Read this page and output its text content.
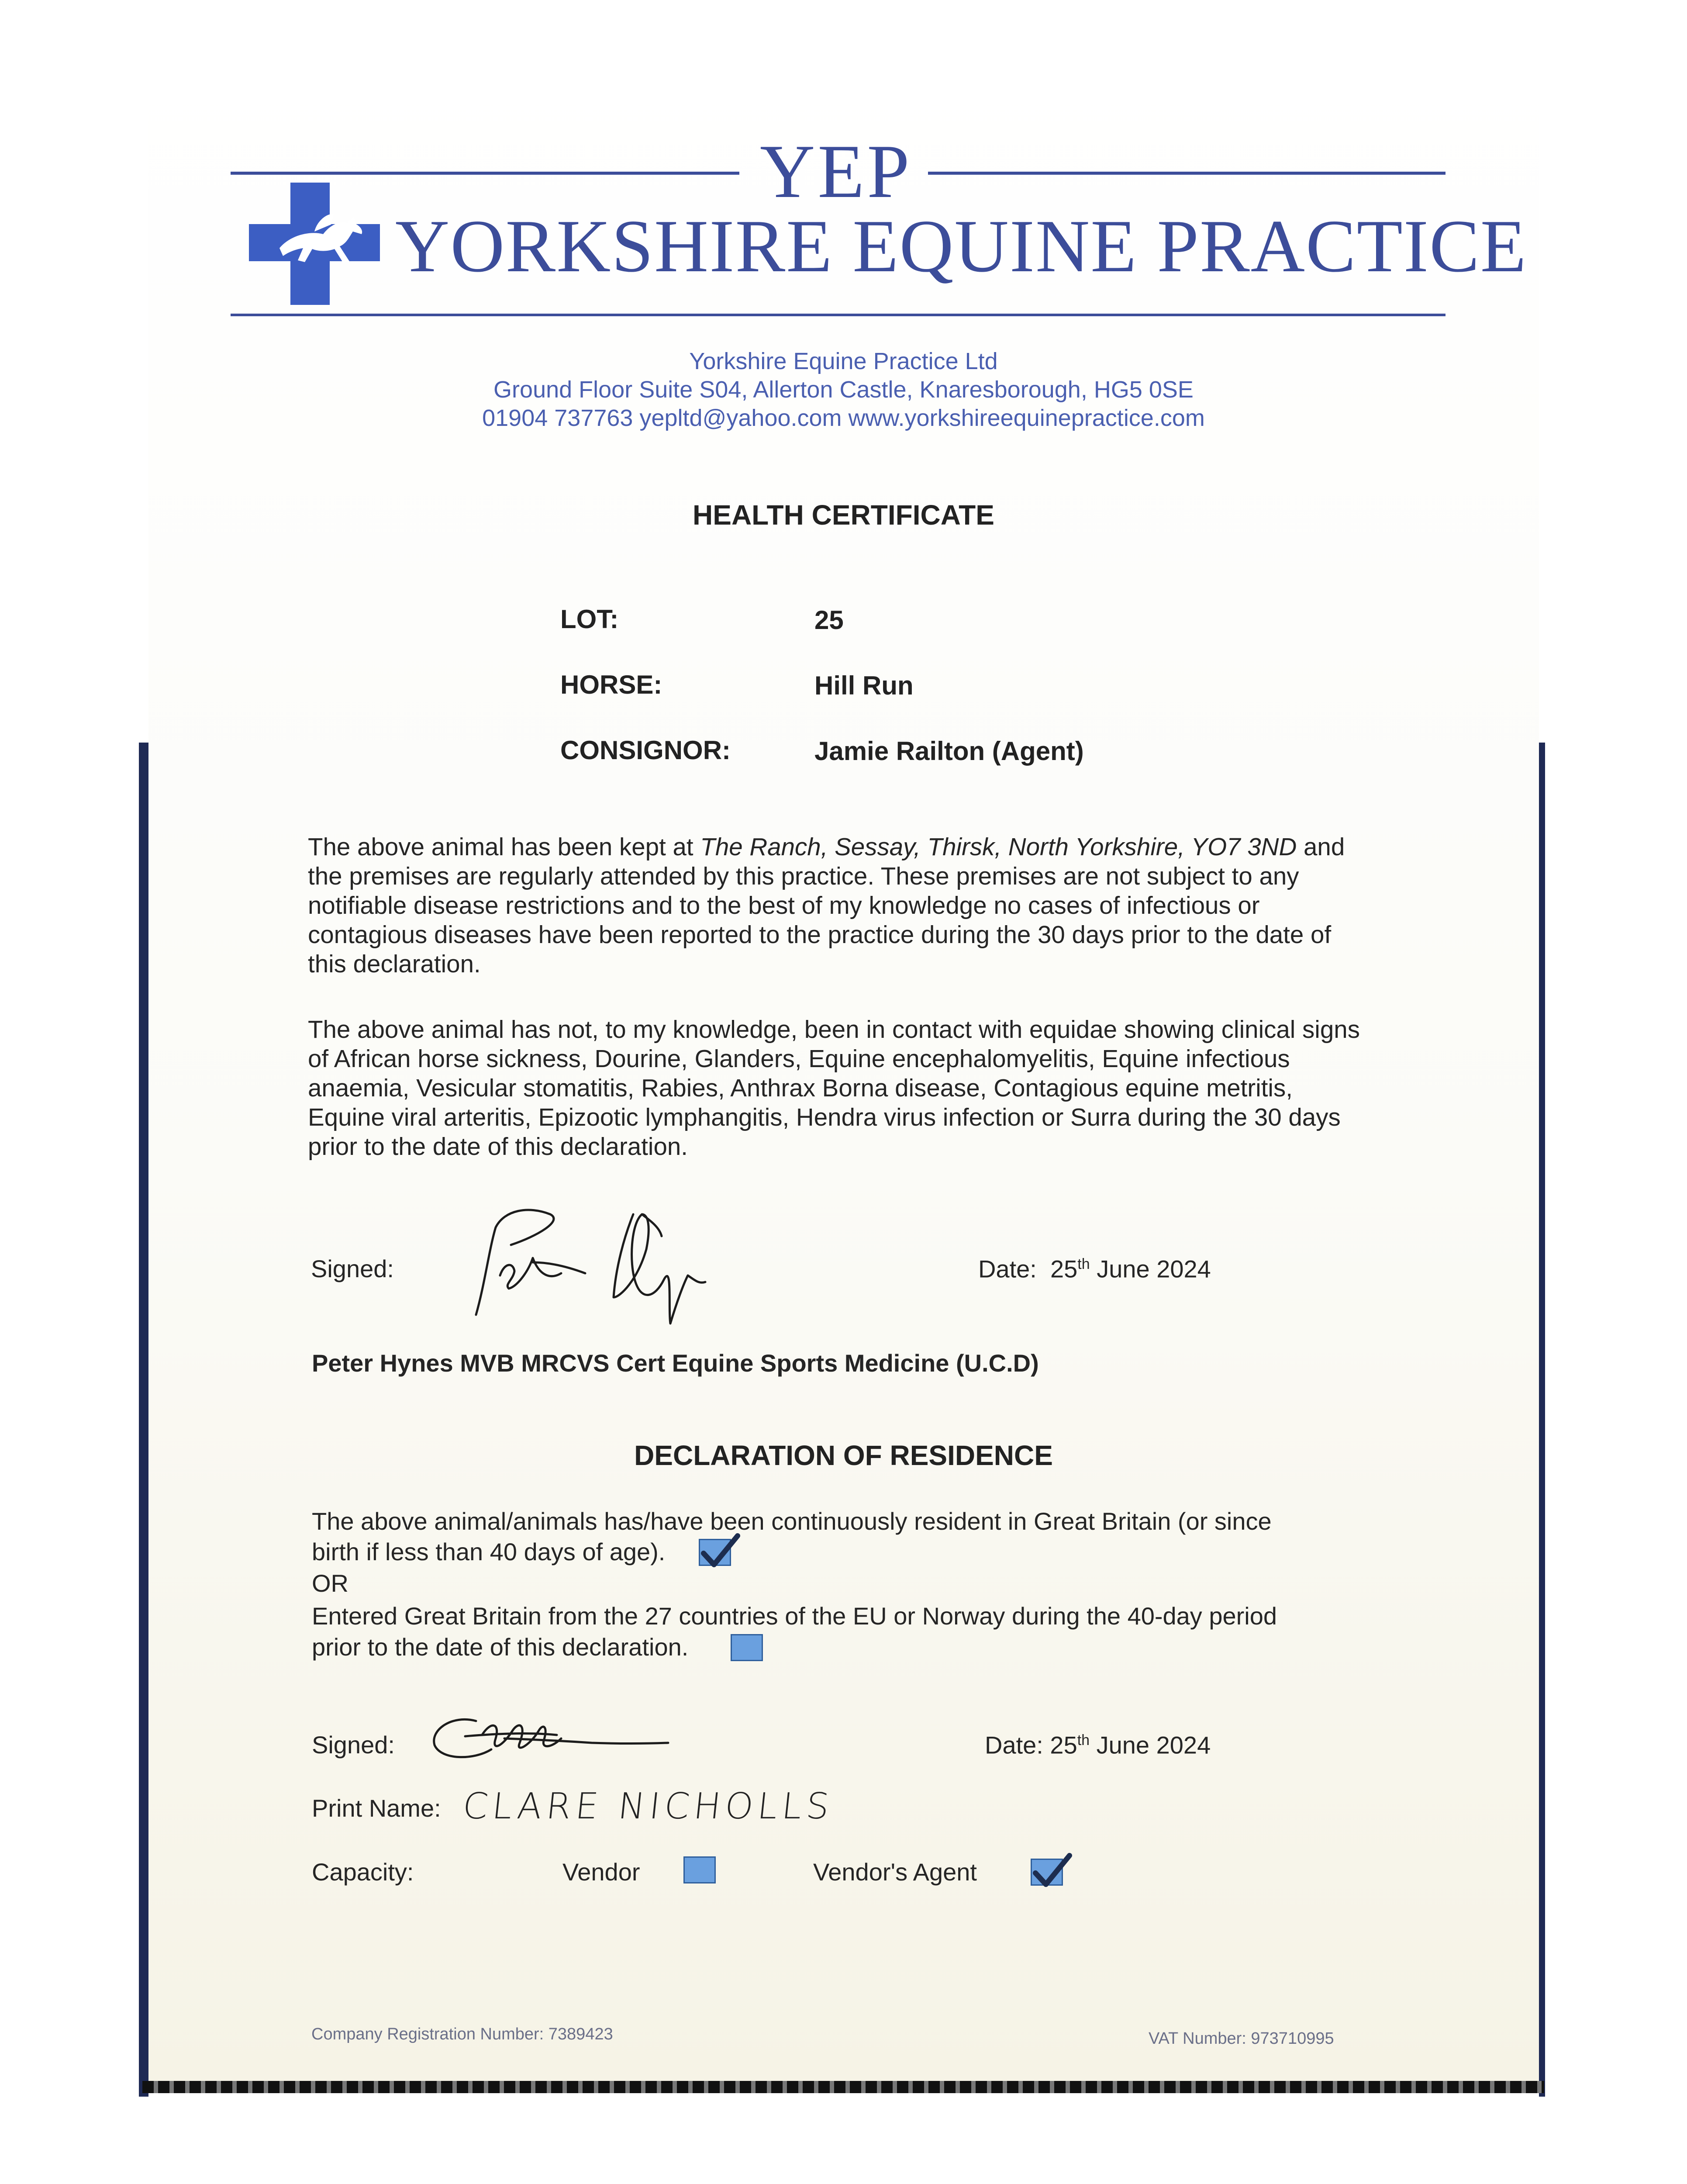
YEP
YORKSHIRE EQUINE PRACTICE
Yorkshire Equine Practice Ltd
Ground Floor Suite S04, Allerton Castle, Knaresborough, HG5 0SE
01904 737763 yepltd@yahoo.com www.yorkshireequinepractice.com
HEALTH CERTIFICATE
LOT:	25
HORSE:	Hill Run
CONSIGNOR:	Jamie Railton (Agent)

The above animal has been kept at The Ranch, Sessay, Thirsk, North Yorkshire, YO7 3ND and the premises are regularly attended by this practice. These premises are not subject to any notifiable disease restrictions and to the best of my knowledge no cases of infectious or contagious diseases have been reported to the practice during the 30 days prior to the date of this declaration.

The above animal has not, to my knowledge, been in contact with equidae showing clinical signs of African horse sickness, Dourine, Glanders, Equine encephalomyelitis, Equine infectious anaemia, Vesicular stomatitis, Rabies, Anthrax Borna disease, Contagious equine metritis, Equine viral arteritis, Epizootic lymphangitis, Hendra virus infection or Surra during the 30 days prior to the date of this declaration.

Signed:	Date: 25th June 2024
Peter Hynes MVB MRCVS Cert Equine Sports Medicine (U.C.D)
DECLARATION OF RESIDENCE
The above animal/animals has/have been continuously resident in Great Britain (or since
birth if less than 40 days of age).
OR
Entered Great Britain from the 27 countries of the EU or Norway during the 40-day period
prior to the date of this declaration.
Signed:	Date: 25th June 2024
Print Name: CLARE NICHOLLS
Capacity:	Vendor	Vendor's Agent
Company Registration Number: 7389423	VAT Number: 973710995
